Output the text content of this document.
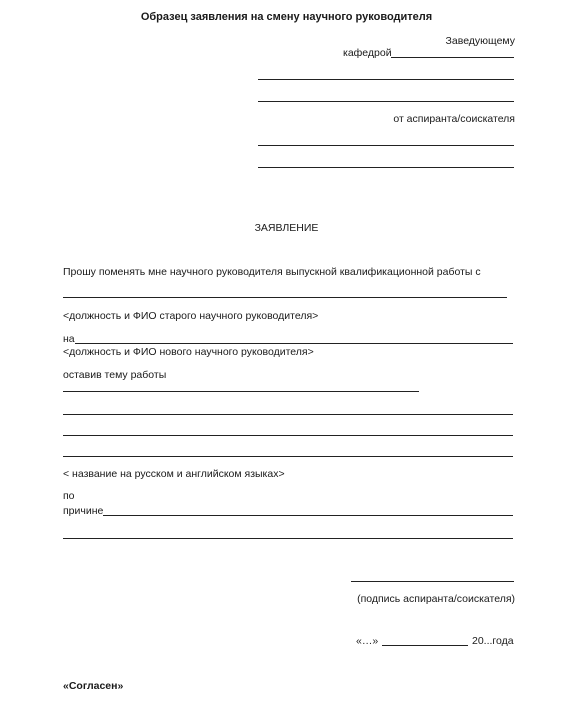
Образец заявления на смену научного руководителя
Заведующему
кафедрой
от аспиранта/соискателя
ЗАЯВЛЕНИЕ
Прошу поменять мне научного руководителя выпускной квалификационной работы с
<должность и ФИО старого научного руководителя>
на
<должность и ФИО нового научного руководителя>
оставив тему работы
< название на русском и английском языках>
по
причине
(подпись аспиранта/соискателя)
«…»	20...года
«Согласен»
